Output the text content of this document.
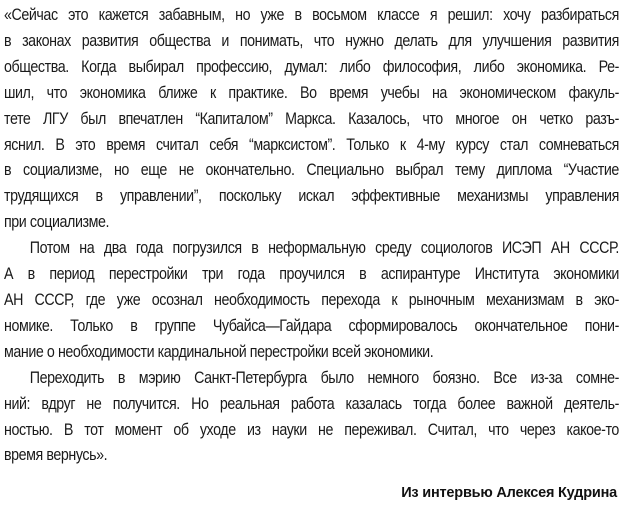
«Сейчас это кажется забавным, но уже в восьмом классе я решил: хочу разбираться
в законах развития общества и понимать, что нужно делать для улучшения развития
общества. Когда выбирал профессию, думал: либо философия, либо экономика. Ре-
шил, что экономика ближе к практике. Во время учебы на экономическом факуль-
тете ЛГУ был впечатлен “Капиталом” Маркса. Казалось, что многое он четко разъ-
яснил. В это время считал себя “марксистом”. Только к 4-му курсу стал сомневаться
в социализме, но еще не окончательно. Специально выбрал тему диплома “Участие
трудящихся в управлении”, поскольку искал эффективные механизмы управления
при социализме.
Потом на два года погрузился в неформальную среду социологов ИСЭП АН СССР.
А в период перестройки три года проучился в аспирантуре Института экономики
АН СССР, где уже осознал необходимость перехода к рыночным механизмам в эко-
номике. Только в группе Чубайса—Гайдара сформировалось окончательное пони-
мание о необходимости кардинальной перестройки всей экономики.
Переходить в мэрию Санкт-Петербурга было немного боязно. Все из-за сомне-
ний: вдруг не получится. Но реальная работа казалась тогда более важной деятель-
ностью. В тот момент об уходе из науки не переживал. Считал, что через какое-то
время вернусь».
Из интервью Алексея Кудрина
